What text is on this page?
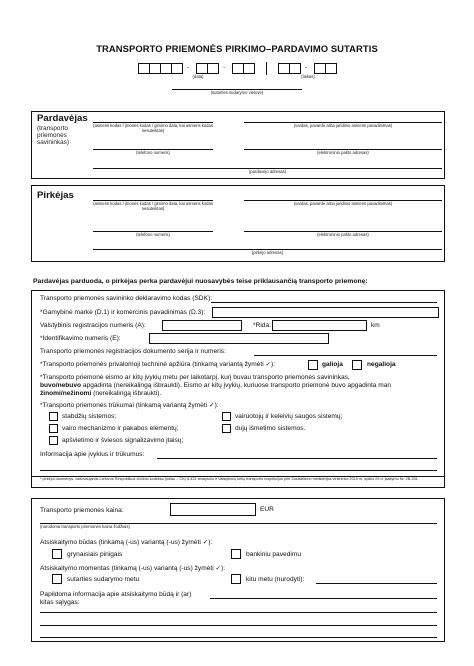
TRANSPORTO PRIEMONĖS PIRKIMO–PARDAVIMO SUTARTIS
-	-	-
(data)	(laikas)
(sutarties sudarymo vietovė)
Pardavėjas
(transporto priemonės savininkas)
(asmens kodas / įmonės kodas / gimimo data, kai asmens kodas nesuteiktas)
(vardas, pavardė arba juridinio asmens pavadinimas)
(telefono numeris)	(elektroninio pašto adresas)
(pardavėjo adresas)
Pirkėjas
(asmens kodas / įmonės kodas / gimimo data, kai asmens kodas nesuteiktas)
(vardas, pavardė arba juridinio asmens pavadinimas)
(telefono numeris)	(elektroninio pašto adresas)
(pirkėjo adresas)
Pardavėjas parduoda, o pirkėjas perka pardavėjui nuosavybės teise priklausančią transporto priemonę:
Transporto priemonės savininko deklaravimo kodas (SDK):
*Gamybinė markė (D.1) ir komercinis pavadinimas (D.3):
Valstybinis registracijos numeris (A):	*Rida:	km
*Identifikavimo numeris (E):
Transporto priemonės registracijos dokumento serija ir numeris:
*Transporto priemonės privalomoji techninė apžiūra (tinkamą variantą žymėti ✓):	galioja	negalioja
*Transporto priemonė eismo ar kitų įvykių metu per laikotarpį, kurį buvau transporto priemonės savininkas,
buvo/nebuvo apgadinta (nereikalingą išbraukti). Eismo ar kitų įvykių, kuriuose transporto priemonė buvo apgadinta man
žinomi/nežinomi (nereikalingą išbraukti).
*Transporto priemonės trūkumai (tinkamą variantą žymėti ✓):
stabdžių sistemos;	vairuotojų ir keleivių saugos sistemų;
vairo mechanizmo ir pakabos elementų;	dujų išmetimo sistemos.
apšvietimo ir šviesos signalizavimo įtaisų;
Informacija apie įvykius ir trūkumus:
* pirkėjui duomenys, vadovaujantis Lietuvos Respublikos civilinio kodekso (toliau – CK) 6.431 straipsniu ir Valstybinių kelių transporto inspekcijos prie Susisiekimo ministerijos viršininko 2015 m. spalio 29 d. įsakymu Nr. 2B-331.
Transporto priemonės kaina:	EUR
(nurodoma transporto priemonės kaina žodžiais)
Atsiskaitymo būdas (tinkamą (-us) variantą (-us) žymėti ✓):
grynaisiais pinigais	bankiniu pavedimu
Atsiskaitymo momentas (tinkamą (-us) variantą (-us) žymėti ✓):
sutarties sudarymo metu	kitu metu (nurodyti):
Papildoma informacija apie atsiskaitymo būdą ir (ar)
kitas sąlygas:
